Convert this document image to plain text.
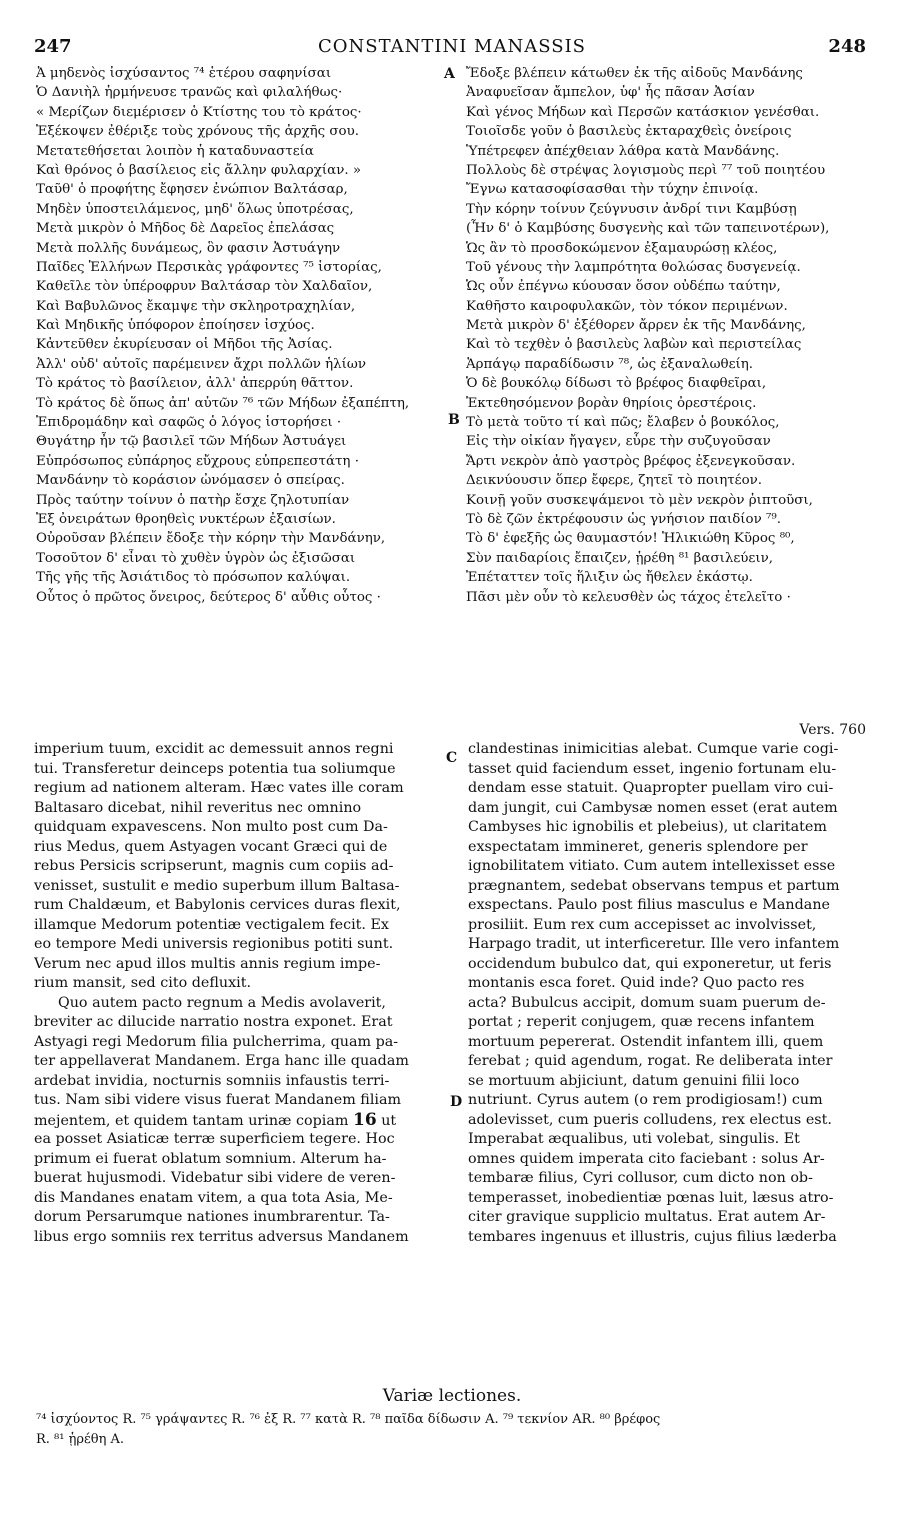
247	CONSTANTINI MANASSIS	248
Ἀ μηδενὸς ἰσχύσαντος ⁷⁴ ἑτέρου σαφηνίσαι
Ὁ Δανιὴλ ἡρμήνευσε τρανῶς καὶ φιλαλήθως·
« Μερίζων διεμέρισεν ὁ Κτίστης του τὸ κράτος·
Ἐξέκοψεν ἐθέριξε τοὺς χρόνους τῆς ἀρχῆς σου.
Μετατεθήσεται λοιπὸν ἡ καταδυναστεία
Καὶ θρόνος ὁ βασίλειος εἰς ἄλλην φυλαρχίαν. »
Ταῦθ' ὁ προφήτης ἔφησεν ἐνώπιον Βαλτάσαρ,
Μηδὲν ὑποστειλάμενος, μηδ' ὅλως ὑποτρέσας,
Μετὰ μικρὸν ὁ Μῆδος δὲ Δαρεῖος ἐπελάσας
Μετὰ πολλῆς δυνάμεως, ὃν φασιν Ἀστυάγην
Παῖδες Ἑλλήνων Περσικὰς γράφοντες ⁷⁵ ἱστορίας,
Καθεῖλε τὸν ὑπέροφρυν Βαλτάσαρ τὸν Χαλδαῖον,
Καὶ Βαβυλῶνος ἔκαμψε τὴν σκληροτραχηλίαν,
Καὶ Μηδικῆς ὑπόφορον ἐποίησεν ἰσχύος.
Κἀντεῦθεν ἐκυρίευσαν οἱ Μῆδοι τῆς Ἀσίας.
Ἀλλ' οὐδ' αὐτοῖς παρέμεινεν ἄχρι πολλῶν ἡλίων
Τὸ κράτος τὸ βασίλειον, ἀλλ' ἀπερρύη θᾶττον.
Τὸ κράτος δὲ ὅπως ἀπ' αὐτῶν ⁷⁶ τῶν Μήδων ἐξαπέπτη,
Ἐπιδρομάδην καὶ σαφῶς ὁ λόγος ἱστορήσει ·
Θυγάτηρ ἦν τῷ βασιλεῖ τῶν Μήδων Ἀστυάγει
Εὐπρόσωπος εὐπάρηος εὔχρους εὐπρεπεστάτη ·
Μανδάνην τὸ κοράσιον ὠνόμασεν ὁ σπείρας.
Πρὸς ταύτην τοίνυν ὁ πατὴρ ἔσχε ζηλοτυπίαν
Ἐξ ὀνειράτων θροηθεὶς νυκτέρων ἐξαισίων.
Οὐροῦσαν βλέπειν ἔδοξε τὴν κόρην τὴν Μανδάνην,
Τοσοῦτον δ' εἶναι τὸ χυθὲν ὑγρὸν ὡς ἐξισῶσαι
Τῆς γῆς τῆς Ἀσιάτιδος τὸ πρόσωπον καλύψαι.
Οὗτος ὁ πρῶτος ὄνειρος, δεύτερος δ' αὖθις οὗτος ·
Ἔδοξε βλέπειν κάτωθεν ἐκ τῆς αἰδοῦς Μανδάνης
Ἀναφυεῖσαν ἄμπελον, ὑφ' ἧς πᾶσαν Ἀσίαν
Καὶ γένος Μήδων καὶ Περσῶν κατάσκιον γενέσθαι.
Τοιοῖσδε γοῦν ὁ βασιλεὺς ἐκταραχθεὶς ὀνείροις
Ὑπέτρεφεν ἀπέχθειαν λάθρα κατὰ Μανδάνης.
Πολλοὺς δὲ στρέψας λογισμοὺς περὶ ⁷⁷ τοῦ ποιητέου
Ἔγνω κατασοφίσασθαι τὴν τύχην ἐπινοίᾳ.
Τὴν κόρην τοίνυν ζεύγνυσιν ἀνδρί τινι Καμβύσῃ
(Ἦν δ' ὁ Καμβύσης δυσγενὴς καὶ τῶν ταπεινοτέρων),
Ὡς ἂν τὸ προσδοκώμενον ἐξαμαυρώσῃ κλέος,
Τοῦ γένους τὴν λαμπρότητα θολώσας δυσγενείᾳ.
Ὡς οὖν ἐπέγνω κύουσαν ὅσον οὐδέπω ταύτην,
Καθῆστο καιροφυλακῶν, τὸν τόκον περιμένων.
Μετὰ μικρὸν δ' ἐξέθορεν ἄρρεν ἐκ τῆς Μανδάνης,
Καὶ τὸ τεχθὲν ὁ βασιλεὺς λαβὼν καὶ περιστείλας
Ἁρπάγῳ παραδίδωσιν ⁷⁸, ὡς ἐξαναλωθείη.
Ὁ δὲ βουκόλῳ δίδωσι τὸ βρέφος διαφθεῖραι,
Ἐκτεθησόμενον βορὰν θηρίοις ὀρεστέροις.
Τὸ μετὰ τοῦτο τί καὶ πῶς; ἔλαβεν ὁ βουκόλος,
Εἰς τὴν οἰκίαν ἤγαγεν, εὗρε τὴν συζυγοῦσαν
Ἄρτι νεκρὸν ἀπὸ γαστρὸς βρέφος ἐξενεγκοῦσαν.
Δεικνύουσιν ὅπερ ἔφερε, ζητεῖ τὸ ποιητέον.
Κοινῇ γοῦν συσκεψάμενοι τὸ μὲν νεκρὸν ῥιπτοῦσι,
Τὸ δὲ ζῶν ἐκτρέφουσιν ὡς γνήσιον παιδίον ⁷⁹.
Τὸ δ' ἐφεξῆς ὡς θαυμαστόν! Ἡλικιώθη Κῦρος ⁸⁰,
Σὺν παιδαρίοις ἔπαιζεν, ᾑρέθη ⁸¹ βασιλεύειν,
Ἐπέταττεν τοῖς ἥλιξιν ὡς ἤθελεν ἑκάστῳ.
Πᾶσι μὲν οὖν τὸ κελευσθὲν ὡς τάχος ἐτελεῖτο ·
A
B
C
D
Vers. 760
imperium tuum, excidit ac demessuit annos regni
tui. Transferetur deinceps potentia tua soliumque
regium ad nationem alteram. Hæc vates ille coram
Baltasaro dicebat, nihil reveritus nec omnino
quidquam expavescens. Non multo post cum Da-
rius Medus, quem Astyagen vocant Græci qui de
rebus Persicis scripserunt, magnis cum copiis ad-
venisset, sustulit e medio superbum illum Baltasa-
rum Chaldæum, et Babylonis cervices duras flexit,
illamque Medorum potentiæ vectigalem fecit. Ex
eo tempore Medi universis regionibus potiti sunt.
Verum nec apud illos multis annis regium impe-
rium mansit, sed cito defluxit.
Quo autem pacto regnum a Medis avolaverit,
breviter ac dilucide narratio nostra exponet. Erat
Astyagi regi Medorum filia pulcherrima, quam pa-
ter appellaverat Mandanem. Erga hanc ille quadam
ardebat invidia, nocturnis somniis infaustis terri-
tus. Nam sibi videre visus fuerat Mandanem filiam
mejentem, et quidem tantam urinæ copiam 16 ut
ea posset Asiaticæ terræ superficiem tegere. Hoc
primum ei fuerat oblatum somnium. Alterum ha-
buerat hujusmodi. Videbatur sibi videre de veren-
dis Mandanes enatam vitem, a qua tota Asia, Me-
dorum Persarumque nationes inumbrarentur. Ta-
libus ergo somniis rex territus adversus Mandanem
clandestinas inimicitias alebat. Cumque varie cogi-
tasset quid faciendum esset, ingenio fortunam elu-
dendam esse statuit. Quapropter puellam viro cui-
dam jungit, cui Cambysæ nomen esset (erat autem
Cambyses hic ignobilis et plebeius), ut claritatem
exspectatam immineret, generis splendore per
ignobilitatem vitiato. Cum autem intellexisset esse
prægnantem, sedebat observans tempus et partum
exspectans. Paulo post filius masculus e Mandane
prosiliit. Eum rex cum accepisset ac involvisset,
Harpago tradit, ut interficeretur. Ille vero infantem
occidendum bubulco dat, qui exponeretur, ut feris
montanis esca foret. Quid inde? Quo pacto res
acta? Bubulcus accipit, domum suam puerum de-
portat ; reperit conjugem, quæ recens infantem
mortuum pepererat. Ostendit infantem illi, quem
ferebat ; quid agendum, rogat. Re deliberata inter
se mortuum abjiciunt, datum genuini filii loco
nutriunt. Cyrus autem (o rem prodigiosam!) cum
adolevisset, cum pueris colludens, rex electus est.
Imperabat æqualibus, uti volebat, singulis. Et
omnes quidem imperata cito faciebant : solus Ar-
tembaræ filius, Cyri collusor, cum dicto non ob-
temperasset, inobedientiæ pœnas luit, læsus atro-
citer gravique supplicio multatus. Erat autem Ar-
tembares ingenuus et illustris, cujus filius læderba
Variæ lectiones.
⁷⁴ ἰσχύοντος R. ⁷⁵ γράψαντες R. ⁷⁶ ἐξ R. ⁷⁷ κατὰ R. ⁷⁸ παῖδα δίδωσιν A. ⁷⁹ τεκνίον AR. ⁸⁰ βρέφος
R. ⁸¹ ᾑρέθη A.
